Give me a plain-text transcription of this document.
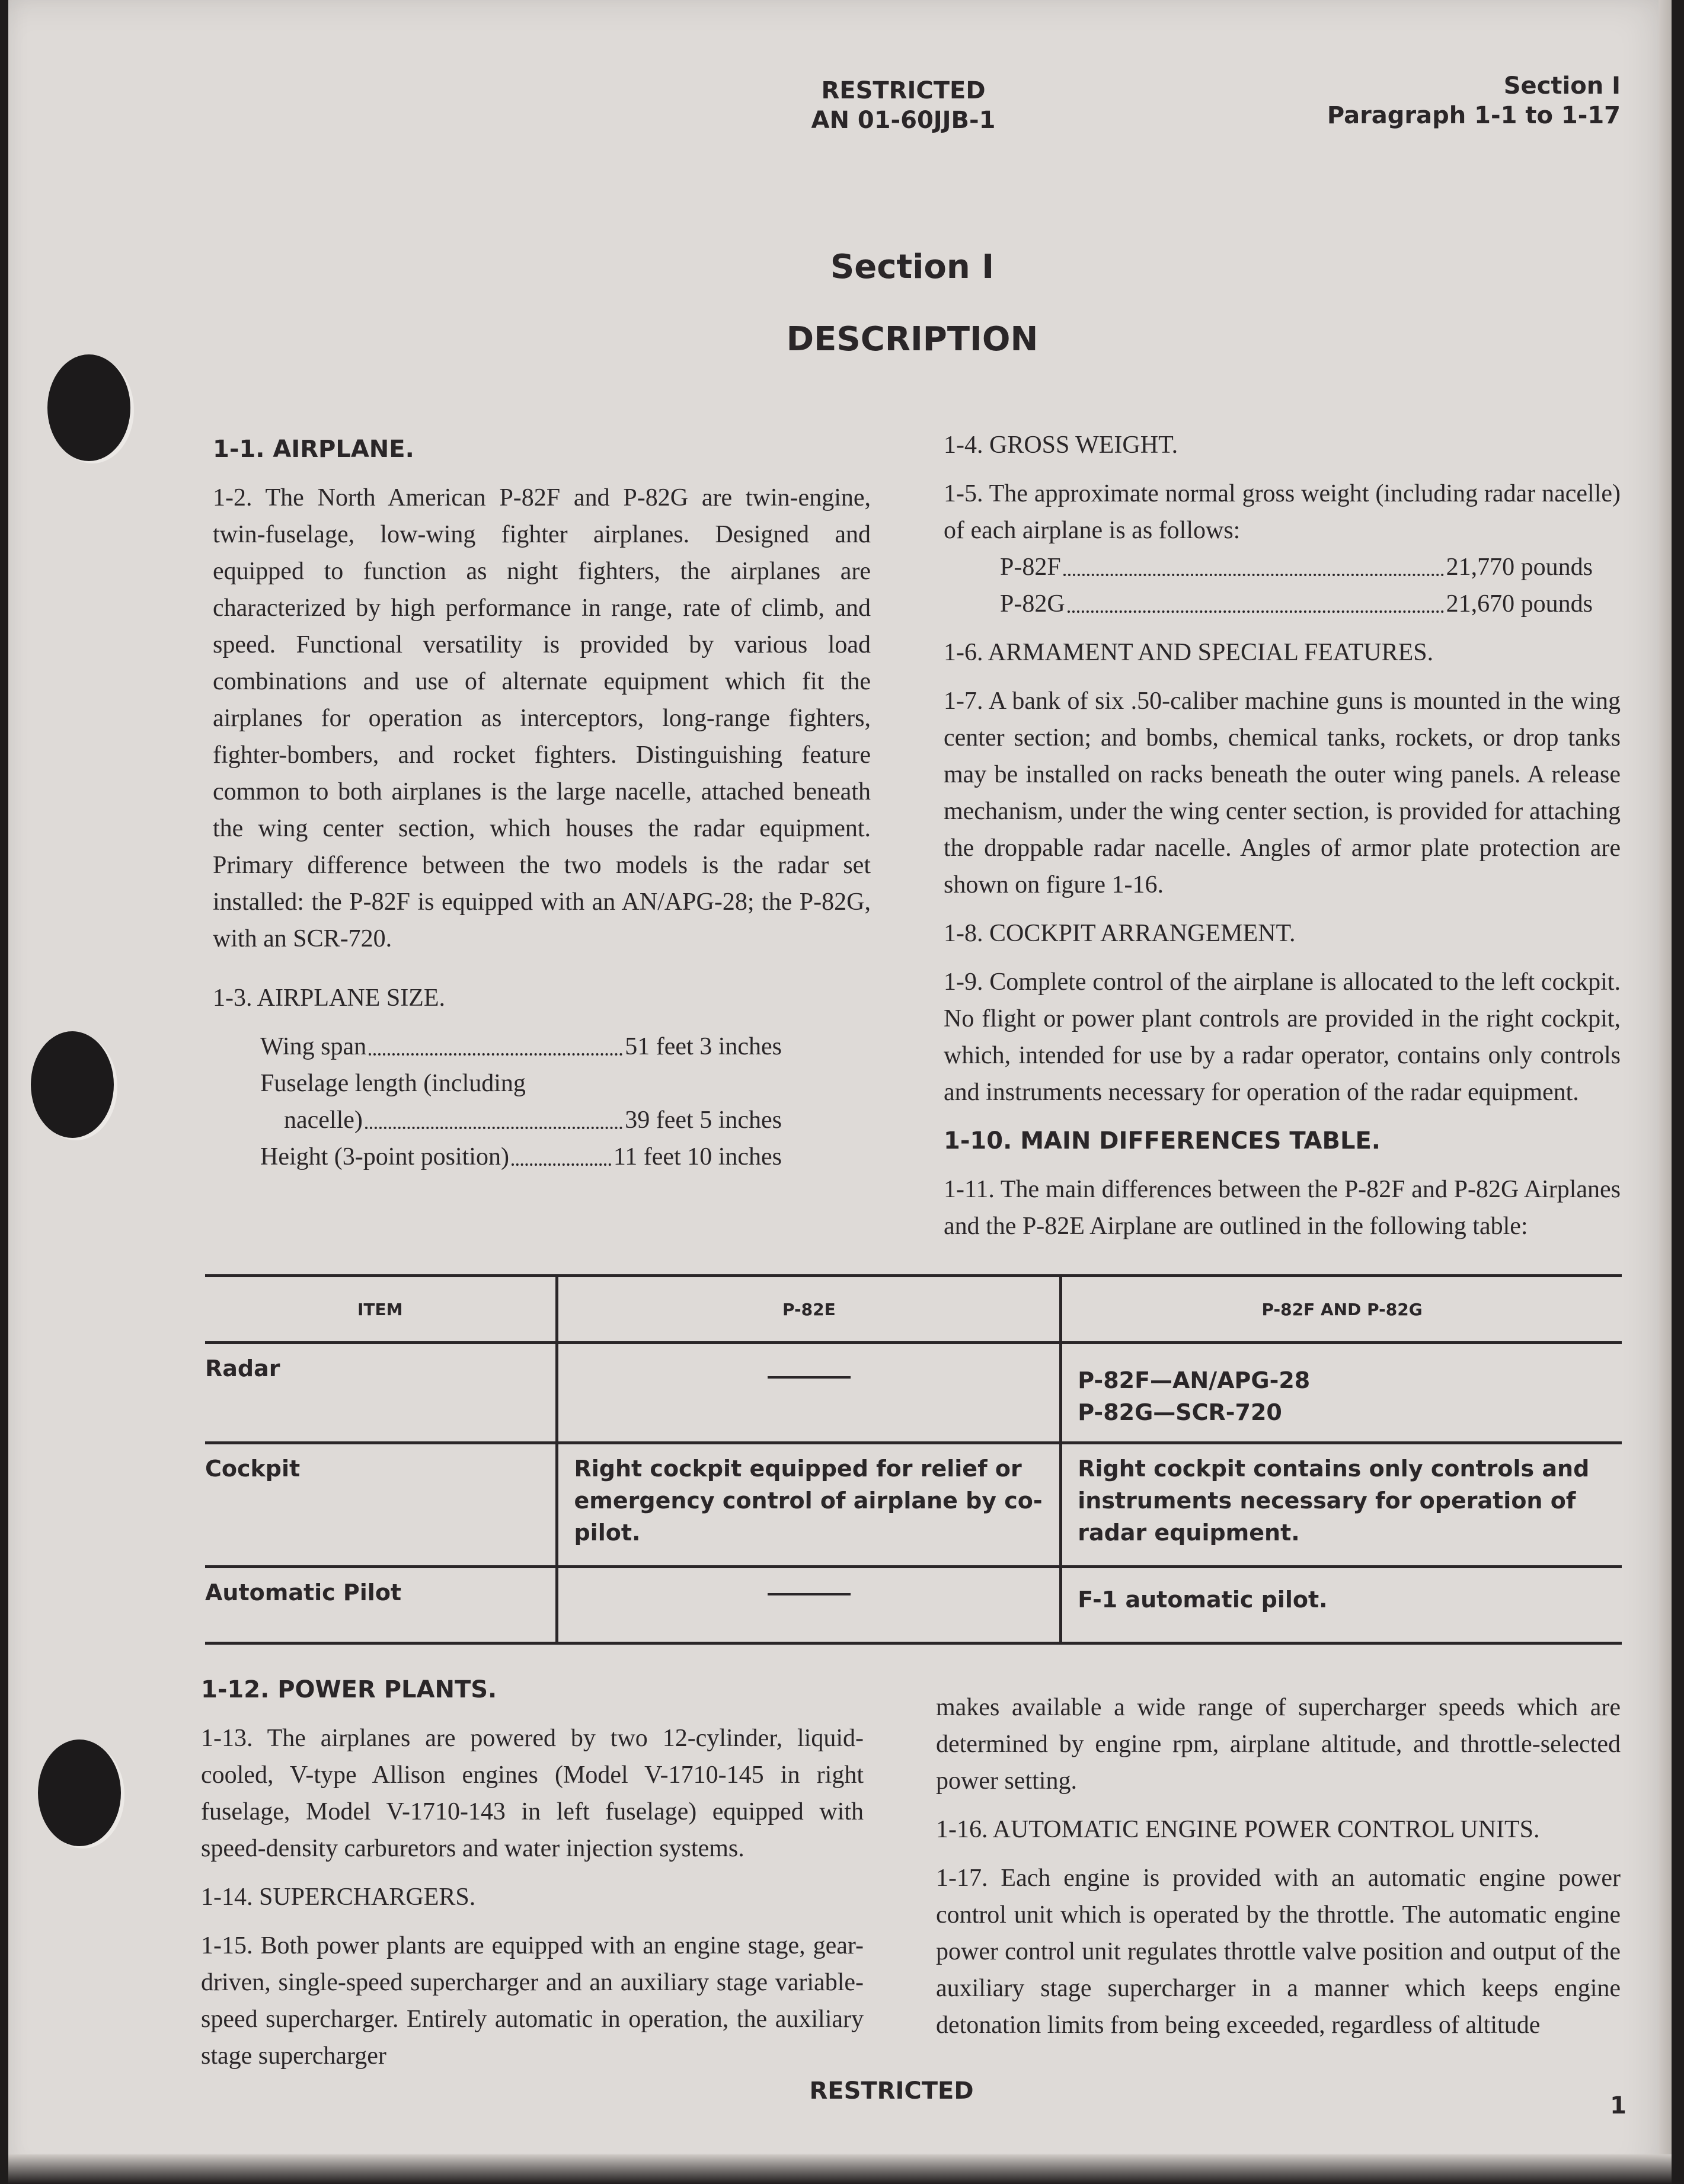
RESTRICTED
AN 01-60JJB-1
Section I
Paragraph 1-1 to 1-17
Section I
DESCRIPTION
1-1. AIRPLANE.

1-2. The North American P-82F and P-82G are twin-engine, twin-fuselage, low-wing fighter airplanes. Designed and equipped to function as night fighters, the airplanes are characterized by high performance in range, rate of climb, and speed. Functional versatility is provided by various load combinations and use of alternate equipment which fit the airplanes for operation as interceptors, long-range fighters, fighter-bombers, and rocket fighters. Distinguishing feature common to both airplanes is the large nacelle, attached beneath the wing center section, which houses the radar equipment. Primary difference between the two models is the radar set installed: the P-82F is equipped with an AN/APG-28; the P-82G, with an SCR-720.

1-3. AIRPLANE SIZE.
Wing span	51 feet 3 inches
Fuselage length (including
nacelle)	39 feet 5 inches
Height (3-point position)	11 feet 10 inches
1-4. GROSS WEIGHT.

1-5. The approximate normal gross weight (including radar nacelle) of each airplane is as follows:

P-82F	21,770 pounds
P-82G	21,670 pounds
1-6. ARMAMENT AND SPECIAL FEATURES.

1-7. A bank of six .50-caliber machine guns is mounted in the wing center section; and bombs, chemical tanks, rockets, or drop tanks may be installed on racks beneath the outer wing panels. A release mechanism, under the wing center section, is provided for attaching the droppable radar nacelle. Angles of armor plate protection are shown on figure 1-16.

1-8. COCKPIT ARRANGEMENT.

1-9. Complete control of the airplane is allocated to the left cockpit. No flight or power plant controls are provided in the right cockpit, which, intended for use by a radar operator, contains only controls and instruments necessary for operation of the radar equipment.

1-10. MAIN DIFFERENCES TABLE.

1-11. The main differences between the P-82F and P-82G Airplanes and the P-82E Airplane are outlined in the following table:

ITEM	P-82E	P-82F AND P-82G
Radar		P-82F—AN/APG-28
P-82G—SCR-720

Cockpit	Right cockpit equipped for relief or emergency control of airplane by co-pilot.	Right cockpit contains only controls and instruments necessary for operation of radar equipment.
Automatic Pilot		F-1 automatic pilot.
1-12. POWER PLANTS.

1-13. The airplanes are powered by two 12-cylinder, liquid-cooled, V-type Allison engines (Model V-1710-145 in right fuselage, Model V-1710-143 in left fuselage) equipped with speed-density carburetors and water injection systems.

1-14. SUPERCHARGERS.

1-15. Both power plants are equipped with an engine stage, gear-driven, single-speed supercharger and an auxiliary stage variable-speed supercharger. Entirely automatic in operation, the auxiliary stage supercharger

makes available a wide range of supercharger speeds which are determined by engine rpm, airplane altitude, and throttle-selected power setting.

1-16. AUTOMATIC ENGINE POWER CONTROL UNITS.

1-17. Each engine is provided with an automatic engine power control unit which is operated by the throttle. The automatic engine power control unit regulates throttle valve position and output of the auxiliary stage supercharger in a manner which keeps engine detonation limits from being exceeded, regardless of altitude

RESTRICTED
1
